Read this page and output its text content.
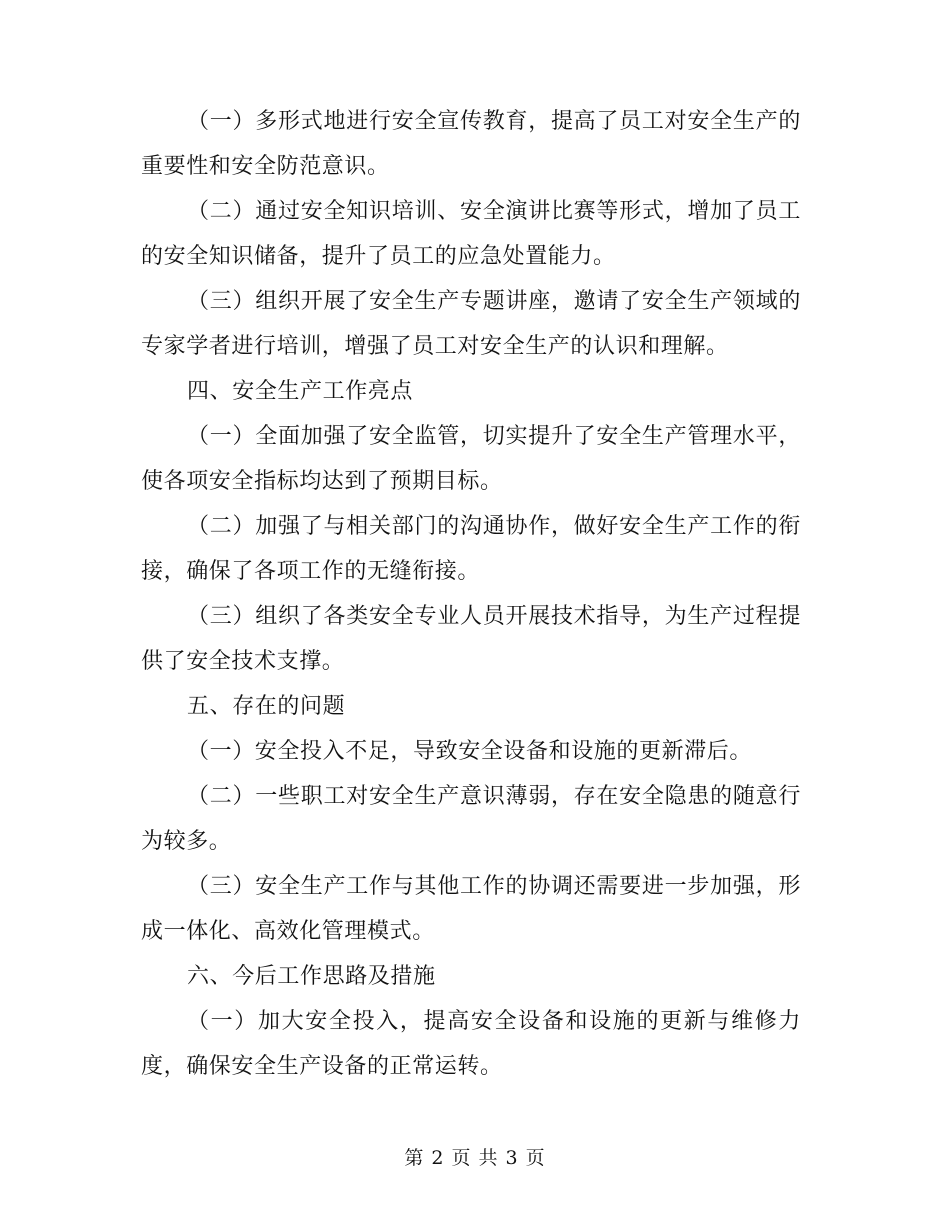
（一）多形式地进行安全宣传教育，提高了员工对安全生产的重要性和安全防范意识。

（二）通过安全知识培训、安全演讲比赛等形式，增加了员工的安全知识储备，提升了员工的应急处置能力。

（三）组织开展了安全生产专题讲座，邀请了安全生产领域的专家学者进行培训，增强了员工对安全生产的认识和理解。

四、安全生产工作亮点

（一）全面加强了安全监管，切实提升了安全生产管理水平，使各项安全指标均达到了预期目标。

（二）加强了与相关部门的沟通协作，做好安全生产工作的衔接，确保了各项工作的无缝衔接。

（三）组织了各类安全专业人员开展技术指导，为生产过程提供了安全技术支撑。

五、存在的问题

（一）安全投入不足，导致安全设备和设施的更新滞后。

（二）一些职工对安全生产意识薄弱，存在安全隐患的随意行为较多。

（三）安全生产工作与其他工作的协调还需要进一步加强，形成一体化、高效化管理模式。

六、今后工作思路及措施

（一）加大安全投入，提高安全设备和设施的更新与维修力度，确保安全生产设备的正常运转。

第 2 页 共 3 页
